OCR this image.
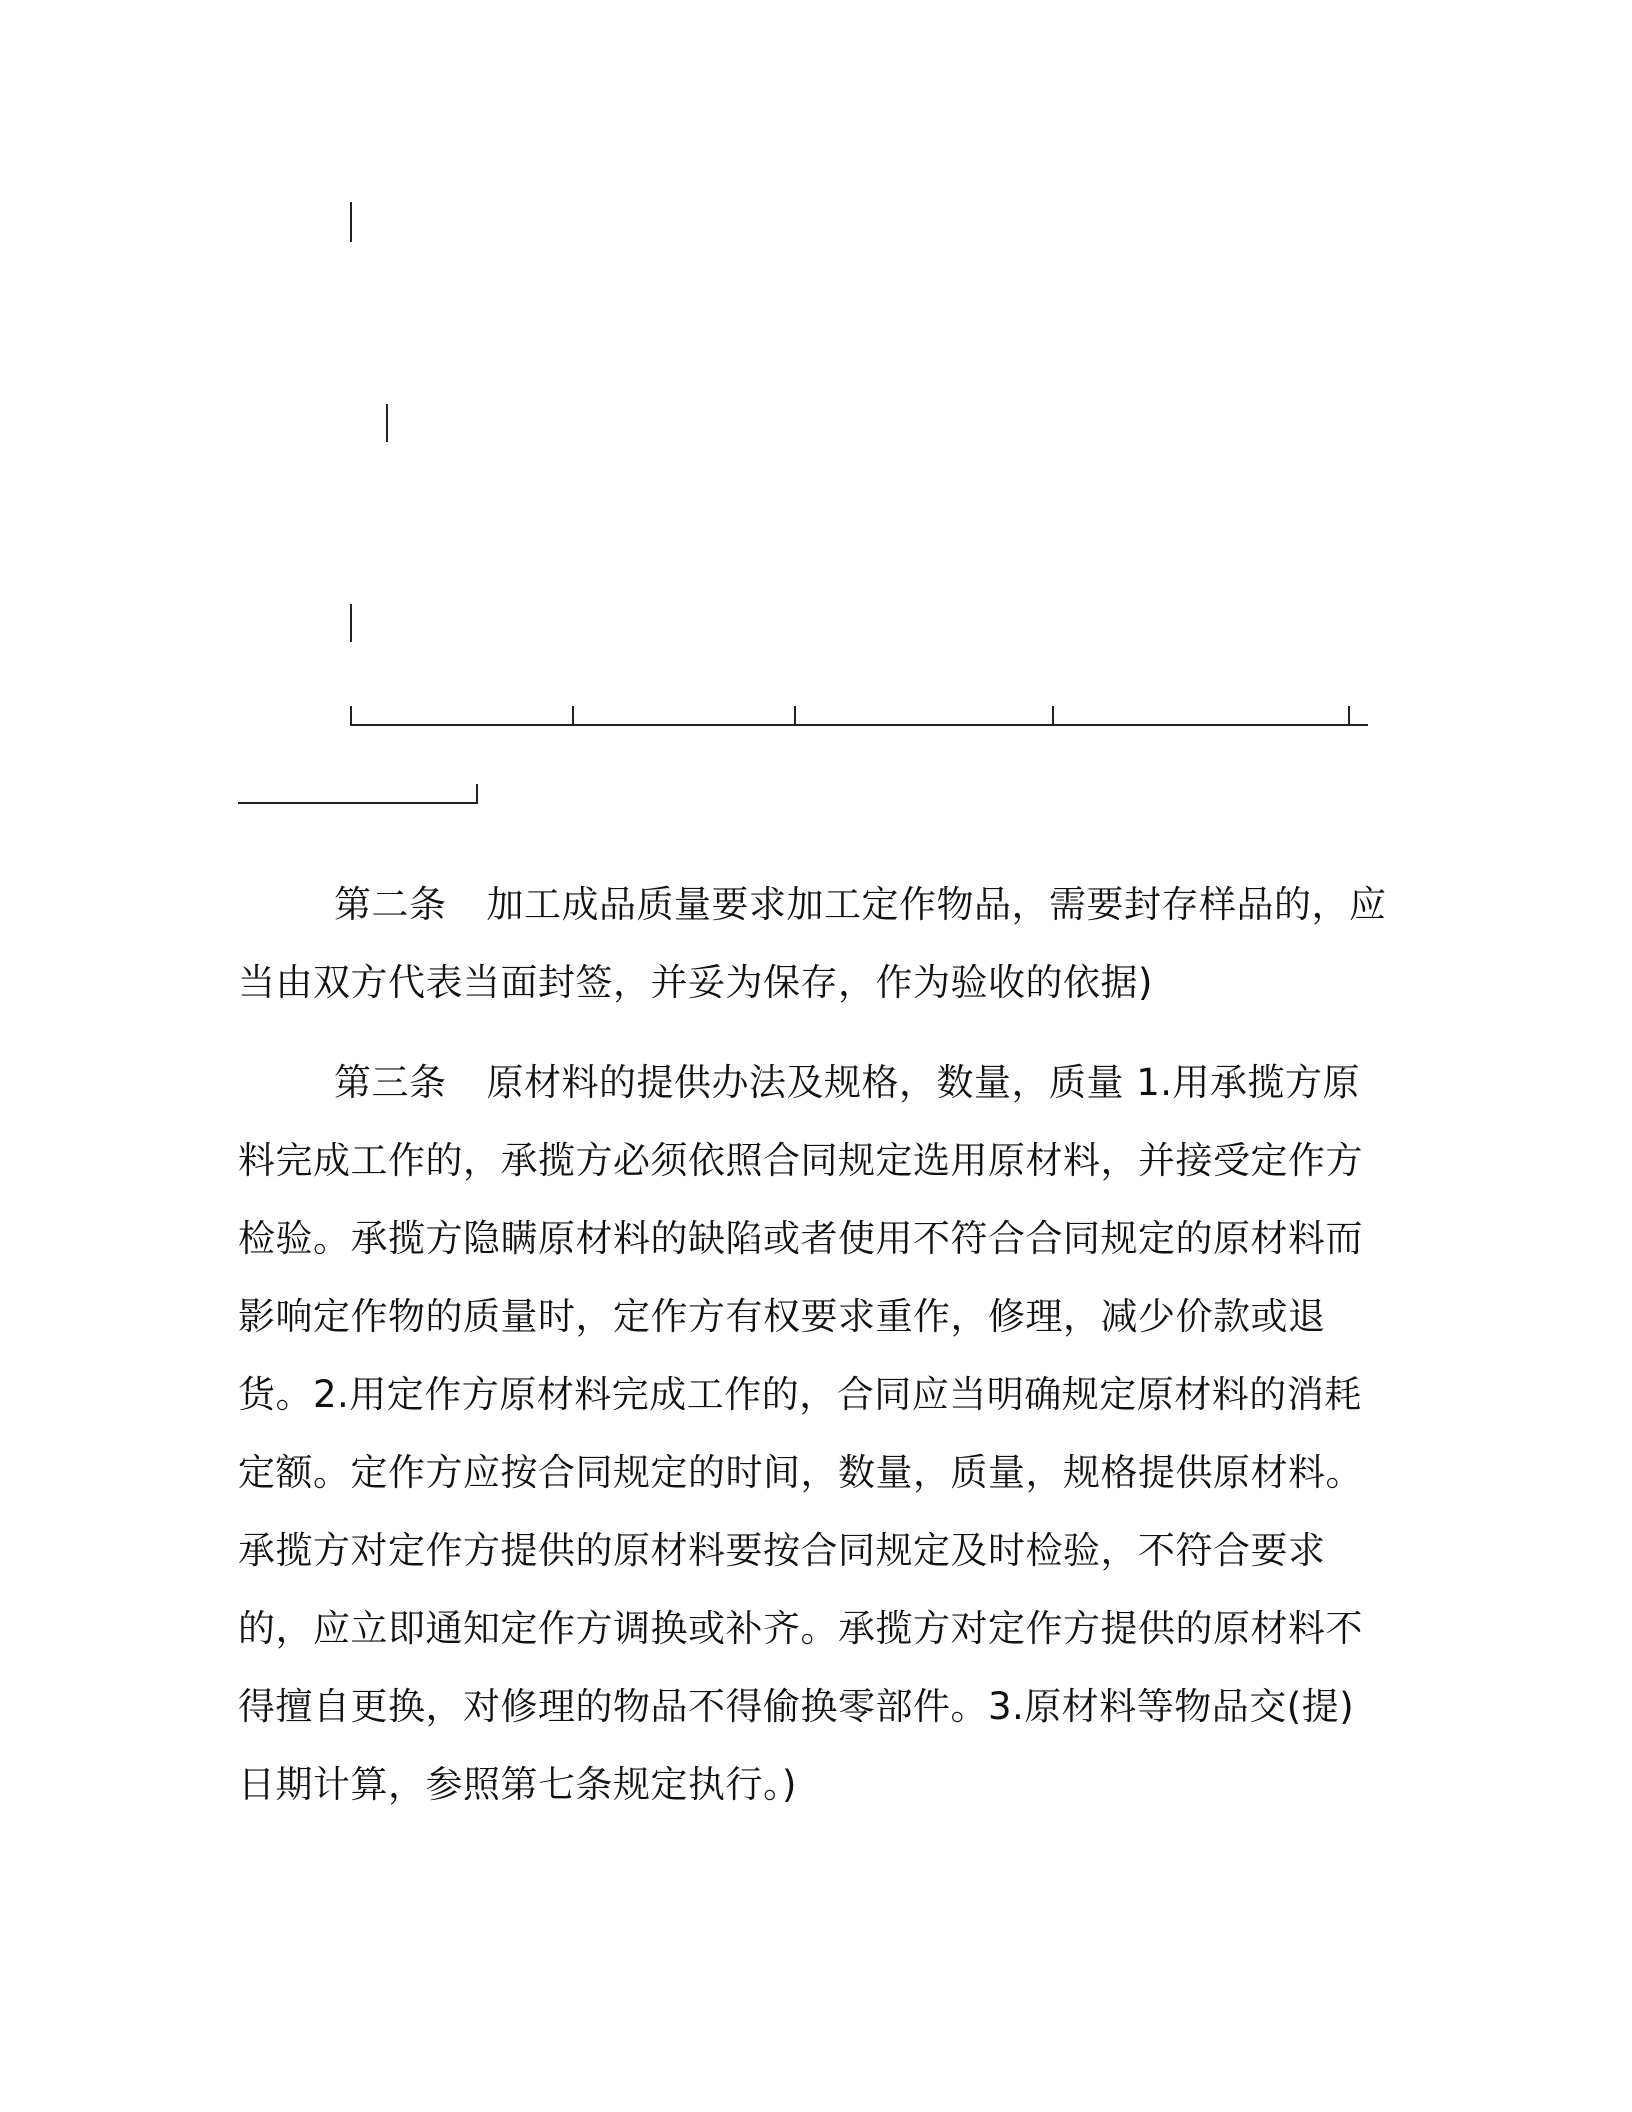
第二条 加工成品质量要求加工定作物品，需要封存样品的，应当由双方代表当面封签，并妥为保存，作为验收的依据)

第三条 原材料的提供办法及规格，数量，质量 1.用承揽方原料完成工作的，承揽方必须依照合同规定选用原材料，并接受定作方检验。承揽方隐瞒原材料的缺陷或者使用不符合合同规定的原材料而影响定作物的质量时，定作方有权要求重作，修理，减少价款或退货。2.用定作方原材料完成工作的，合同应当明确规定原材料的消耗定额。定作方应按合同规定的时间，数量，质量，规格提供原材料。承揽方对定作方提供的原材料要按合同规定及时检验，不符合要求的，应立即通知定作方调换或补齐。承揽方对定作方提供的原材料不得擅自更换，对修理的物品不得偷换零部件。3.原材料等物品交(提)日期计算，参照第七条规定执行。)
